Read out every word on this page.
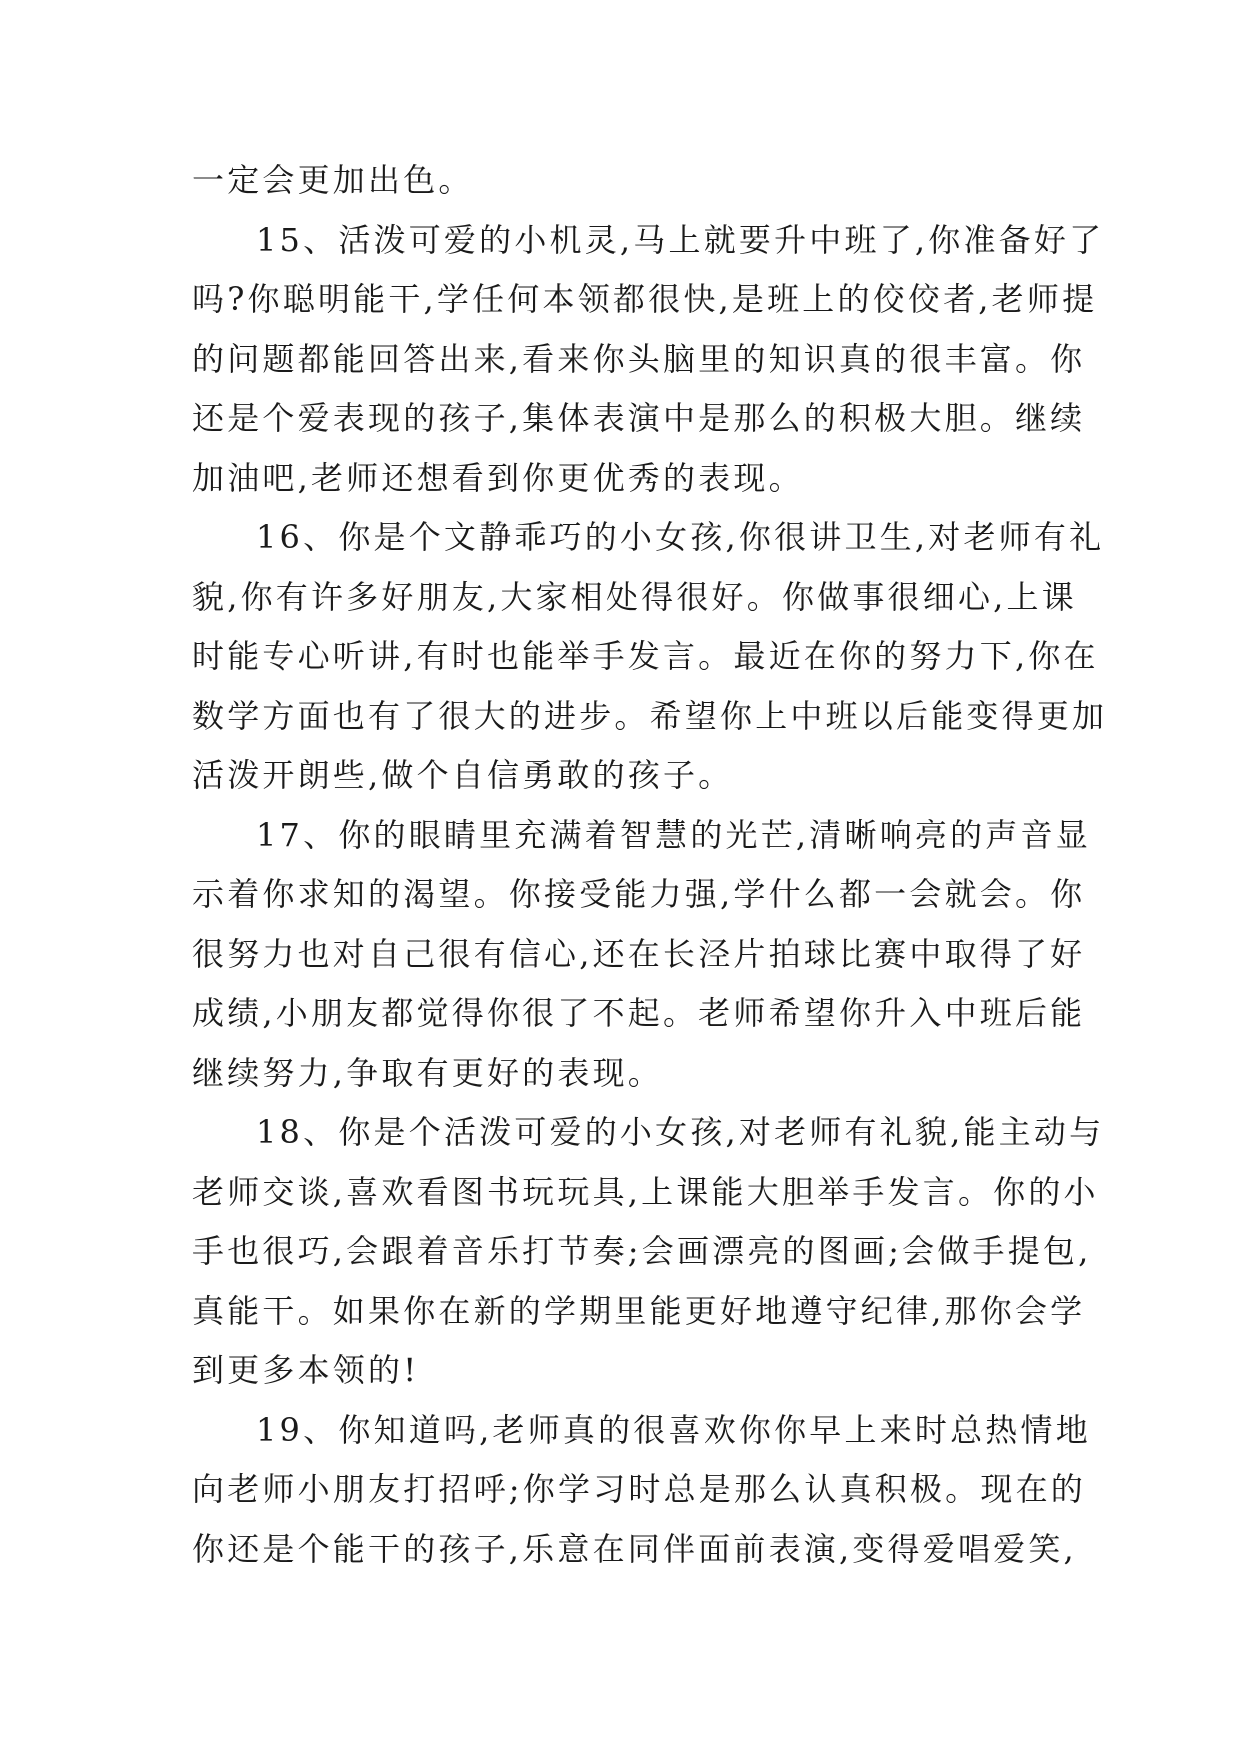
一定会更加出色。
15、活泼可爱的小机灵,马上就要升中班了,你准备好了
吗?你聪明能干,学任何本领都很快,是班上的佼佼者,老师提
的问题都能回答出来,看来你头脑里的知识真的很丰富。你
还是个爱表现的孩子,集体表演中是那么的积极大胆。继续
加油吧,老师还想看到你更优秀的表现。
16、你是个文静乖巧的小女孩,你很讲卫生,对老师有礼
貌,你有许多好朋友,大家相处得很好。你做事很细心,上课
时能专心听讲,有时也能举手发言。最近在你的努力下,你在
数学方面也有了很大的进步。希望你上中班以后能变得更加
活泼开朗些,做个自信勇敢的孩子。
17、你的眼睛里充满着智慧的光芒,清晰响亮的声音显
示着你求知的渴望。你接受能力强,学什么都一会就会。你
很努力也对自己很有信心,还在长泾片拍球比赛中取得了好
成绩,小朋友都觉得你很了不起。老师希望你升入中班后能
继续努力,争取有更好的表现。
18、你是个活泼可爱的小女孩,对老师有礼貌,能主动与
老师交谈,喜欢看图书玩玩具,上课能大胆举手发言。你的小
手也很巧,会跟着音乐打节奏;会画漂亮的图画;会做手提包,
真能干。如果你在新的学期里能更好地遵守纪律,那你会学
到更多本领的!
19、你知道吗,老师真的很喜欢你你早上来时总热情地
向老师小朋友打招呼;你学习时总是那么认真积极。现在的
你还是个能干的孩子,乐意在同伴面前表演,变得爱唱爱笑,
